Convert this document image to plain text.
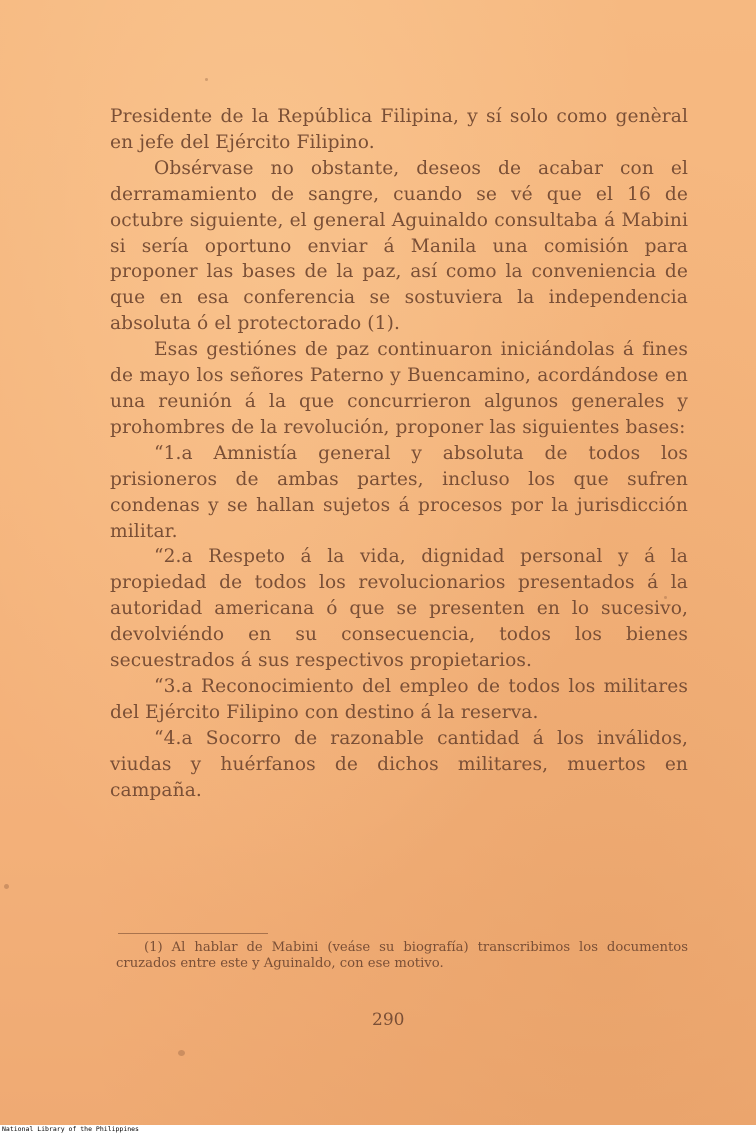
Presidente de la República Filipina, y sí solo como genèral en jefe del Ejército Filipino.

Obsérvase no obstante, deseos de acabar con el derramamiento de sangre, cuando se vé que el 16 de octubre siguiente, el general Aguinaldo consultaba á Mabini si sería oportuno enviar á Manila una comisión para proponer las bases de la paz, así como la conveniencia de que en esa conferencia se sostuviera la independencia absoluta ó el protectorado (1).

Esas gestiónes de paz continuaron iniciándolas á fines de mayo los señores Paterno y Buencamino, acordándose en una reunión á la que concurrieron algunos generales y prohombres de la revolución, proponer las siguientes bases:

“1.a Amnistía general y absoluta de todos los prisioneros de ambas partes, incluso los que sufren condenas y se hallan sujetos á procesos por la jurisdicción militar.

“2.a Respeto á la vida, dignidad personal y á la propiedad de todos los revolucionarios presentados á la autoridad americana ó que se presenten en lo sucesivo, devolviéndo en su consecuencia, todos los bienes secuestrados á sus respectivos propietarios.

“3.a Reconocimiento del empleo de todos los militares del Ejército Filipino con destino á la reserva.

“4.a Socorro de razonable cantidad á los inválidos, viudas y huérfanos de dichos militares, muertos en campaña.

(1) Al hablar de Mabini (veáse su biografía) transcribimos los documentos cruzados entre este y Aguinaldo, con ese motivo.

290
National Library of the Philippines
